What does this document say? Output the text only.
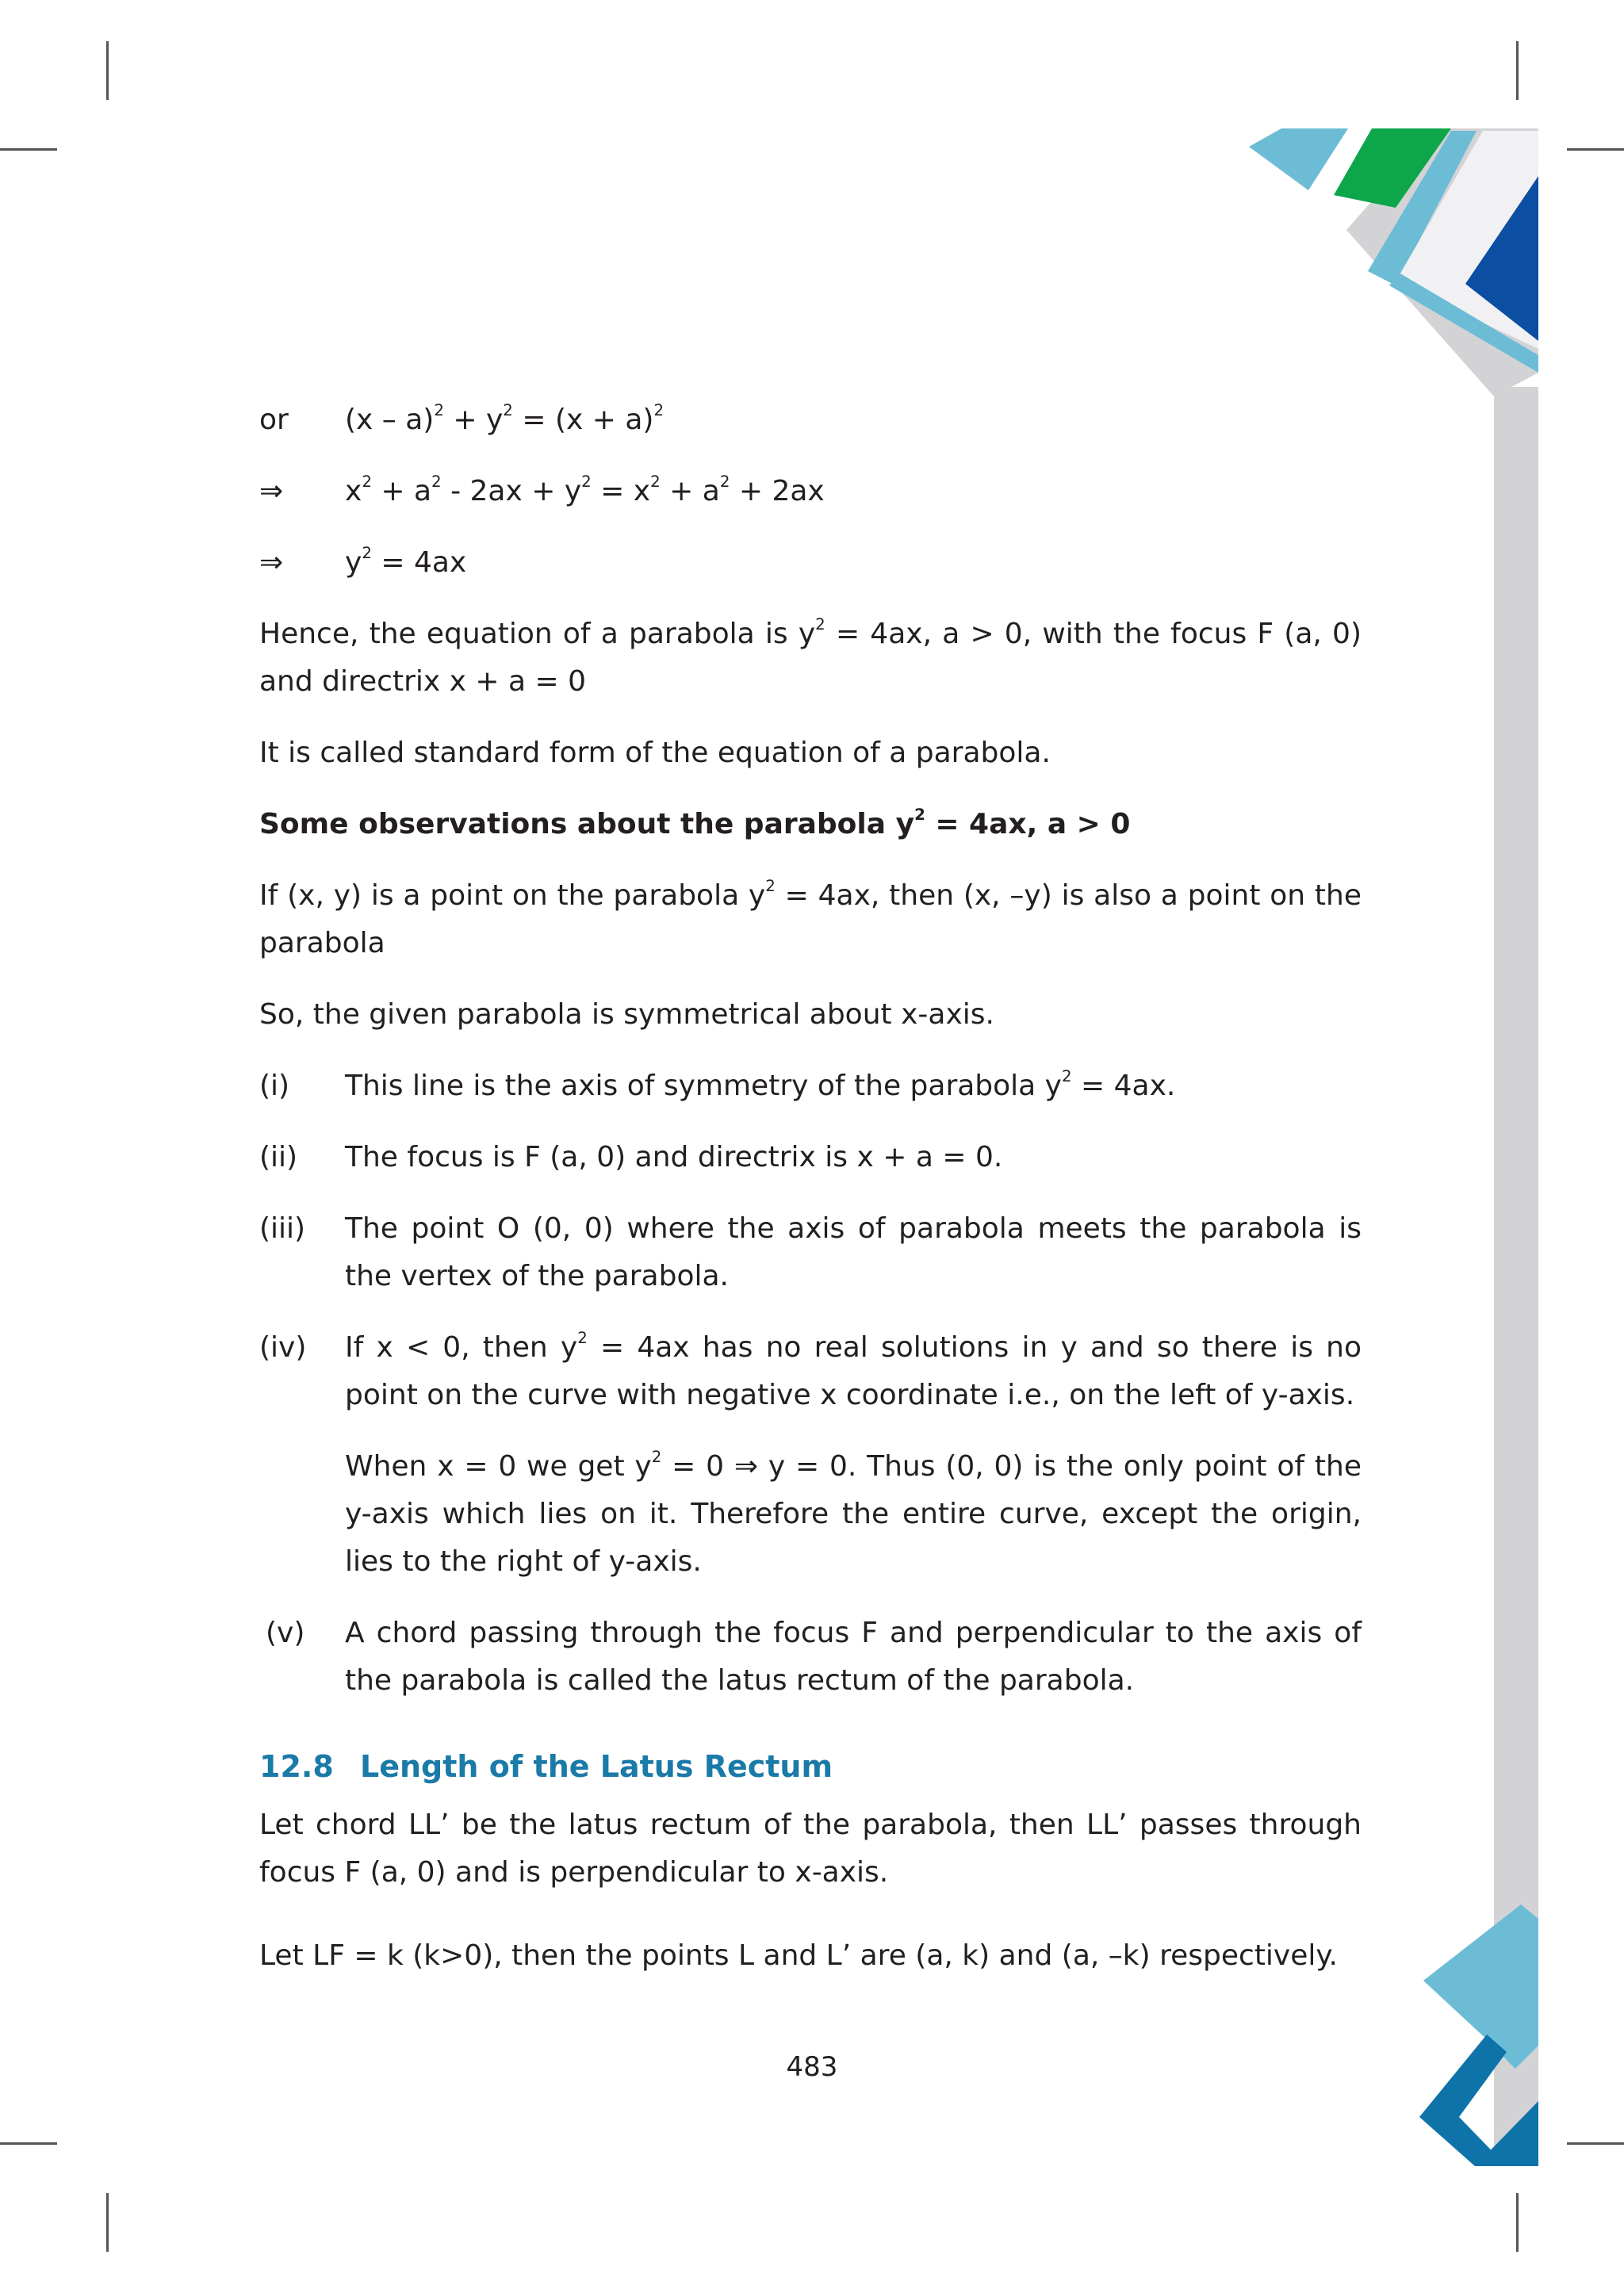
or $(x - a)^2 + y^2 = (x + a)^2$
⇒ $x^2 + a^2 - 2ax + y^2 = x^2 + a^2 + 2ax$
⇒ $y^2 = 4ax$
Hence, the equation of a parabola is $y^2 = 4ax$, a > 0, with the focus F (a, 0) and directrix x + a = 0
It is called standard form of the equation of a parabola.
Some observations about the parabola $y^2 = 4ax$, a > 0
If (x, y) is a point on the parabola $y^2 = 4ax$, then (x, –y) is also a point on the parabola
So, the given parabola is symmetrical about x-axis.
(i) This line is the axis of symmetry of the parabola $y^2 = 4ax$.
(ii) The focus is F (a, 0) and directrix is x + a = 0.
(iii) The point O (0, 0) where the axis of parabola meets the parabola is the vertex of the parabola.
(iv) If x < 0, then $y^2 = 4ax$ has no real solutions in y and so there is no point on the curve with negative x coordinate i.e., on the left of y-axis.
When x = 0 we get $y^2 = 0$ ⇒ y = 0. Thus (0, 0) is the only point of the y-axis which lies on it. Therefore the entire curve, except the origin, lies to the right of y-axis.
(v) A chord passing through the focus F and perpendicular to the axis of the parabola is called the latus rectum of the parabola.
12.8 Length of the Latus Rectum
Let chord LL’ be the latus rectum of the parabola, then LL’ passes through focus F (a, 0) and is perpendicular to x-axis.
Let LF = k (k>0), then the points L and L’ are (a, k) and (a, –k) respectively.
483
